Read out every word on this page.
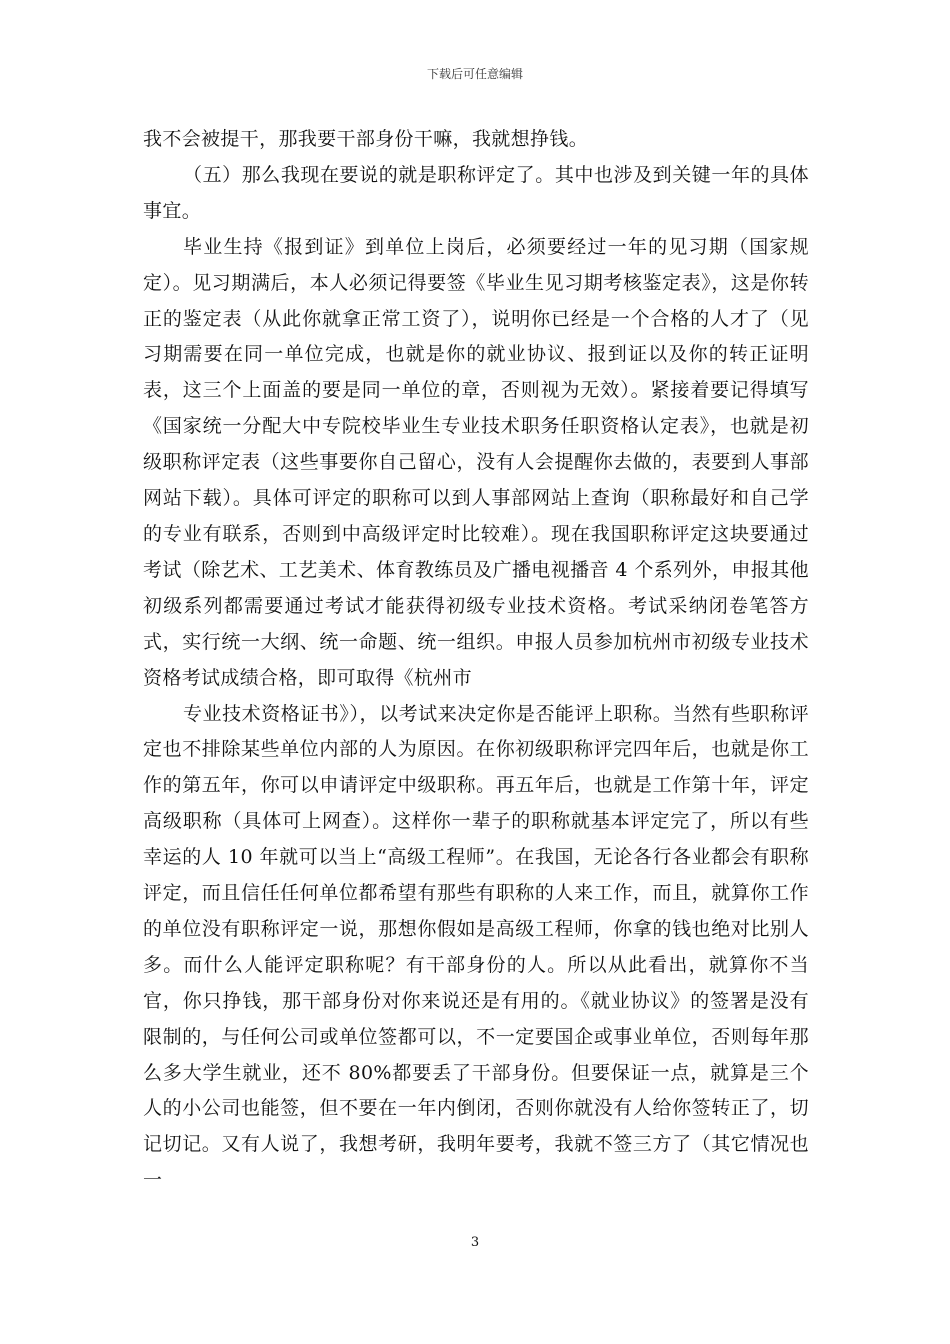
下载后可任意编辑

我不会被提干，那我要干部身份干嘛，我就想挣钱。

（五）那么我现在要说的就是职称评定了。其中也涉及到关键一年的具体事宜。

毕业生持《报到证》到单位上岗后，必须要经过一年的见习期（国家规定）。见习期满后，本人必须记得要签《毕业生见习期考核鉴定表》，这是你转正的鉴定表（从此你就拿正常工资了），说明你已经是一个合格的人才了（见习期需要在同一单位完成，也就是你的就业协议、报到证以及你的转正证明表，这三个上面盖的要是同一单位的章，否则视为无效）。紧接着要记得填写《国家统一分配大中专院校毕业生专业技术职务任职资格认定表》，也就是初级职称评定表（这些事要你自己留心，没有人会提醒你去做的，表要到人事部网站下载）。具体可评定的职称可以到人事部网站上查询（职称最好和自己学的专业有联系，否则到中高级评定时比较难）。现在我国职称评定这块要通过考试（除艺术、工艺美术、体育教练员及广播电视播音 4 个系列外，申报其他初级系列都需要通过考试才能获得初级专业技术资格。考试采纳闭卷笔答方式，实行统一大纲、统一命题、统一组织。申报人员参加杭州市初级专业技术资格考试成绩合格，即可取得《杭州市

专业技术资格证书》），以考试来决定你是否能评上职称。当然有些职称评定也不排除某些单位内部的人为原因。在你初级职称评完四年后，也就是你工作的第五年，你可以申请评定中级职称。再五年后，也就是工作第十年，评定高级职称（具体可上网查）。这样你一辈子的职称就基本评定完了，所以有些幸运的人 10 年就可以当上“高级工程师”。在我国，无论各行各业都会有职称评定，而且信任任何单位都希望有那些有职称的人来工作，而且，就算你工作的单位没有职称评定一说，那想你假如是高级工程师，你拿的钱也绝对比别人多。而什么人能评定职称呢？有干部身份的人。所以从此看出，就算你不当官，你只挣钱，那干部身份对你来说还是有用的。《就业协议》的签署是没有限制的，与任何公司或单位签都可以，不一定要国企或事业单位，否则每年那么多大学生就业，还不 80%都要丢了干部身份。但要保证一点，就算是三个人的小公司也能签，但不要在一年内倒闭，否则你就没有人给你签转正了，切记切记。又有人说了，我想考研，我明年要考，我就不签三方了（其它情况也一

3
